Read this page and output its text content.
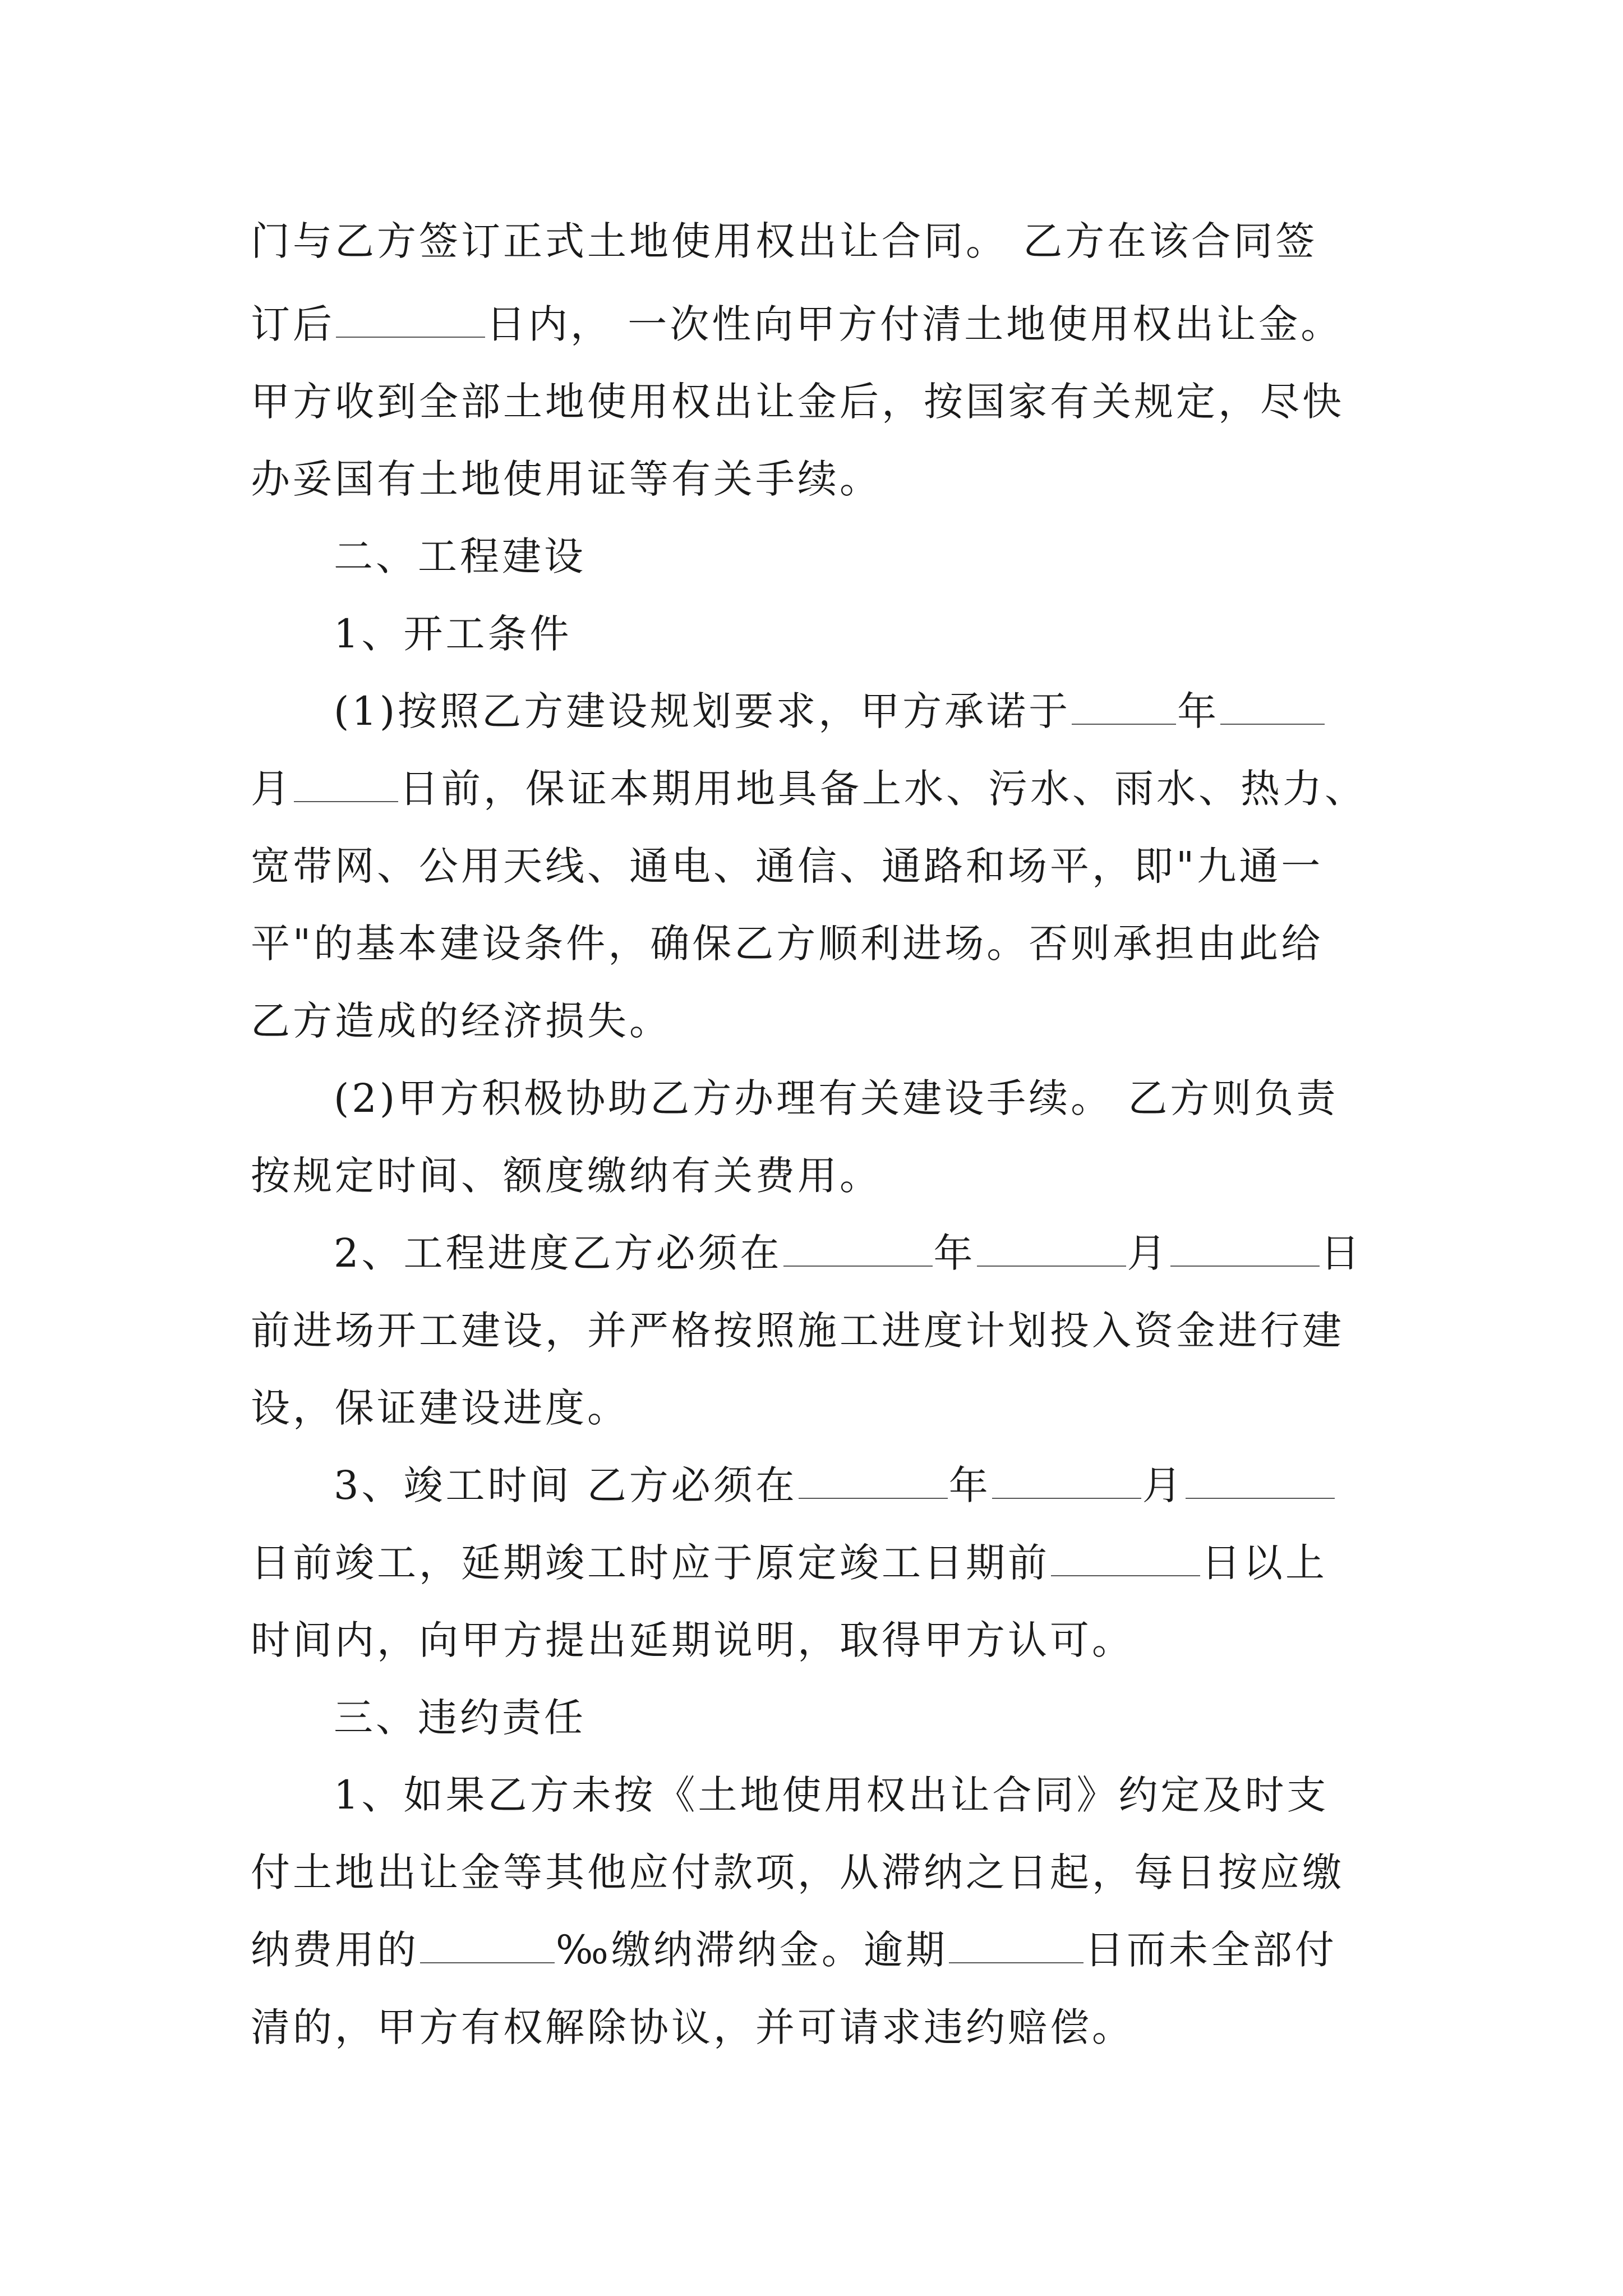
门与乙方签订正式土地使用权出让合同。 乙方在该合同签
订后	日内， 一次性向甲方付清土地使用权出让金。
甲方收到全部土地使用权出让金后，按国家有关规定，尽快
办妥国有土地使用证等有关手续。
二、工程建设
1、开工条件
(1)按照乙方建设规划要求，甲方承诺于	年
月	日前，保证本期用地具备上水、污水、雨水、热力、
宽带网、公用天线、通电、通信、通路和场平，即"九通一
平"的基本建设条件，确保乙方顺利进场。否则承担由此给
乙方造成的经济损失。
(2)甲方积极协助乙方办理有关建设手续。 乙方则负责
按规定时间、额度缴纳有关费用。
2、工程进度乙方必须在	年	月	日
前进场开工建设，并严格按照施工进度计划投入资金进行建
设，保证建设进度。
3、竣工时间 乙方必须在	年	月
日前竣工，延期竣工时应于原定竣工日期前	日以上
时间内，向甲方提出延期说明，取得甲方认可。
三、违约责任
1、如果乙方未按《土地使用权出让合同》约定及时支
付土地出让金等其他应付款项，从滞纳之日起，每日按应缴
纳费用的	‰缴纳滞纳金。逾期	日而未全部付
清的，甲方有权解除协议，并可请求违约赔偿。
